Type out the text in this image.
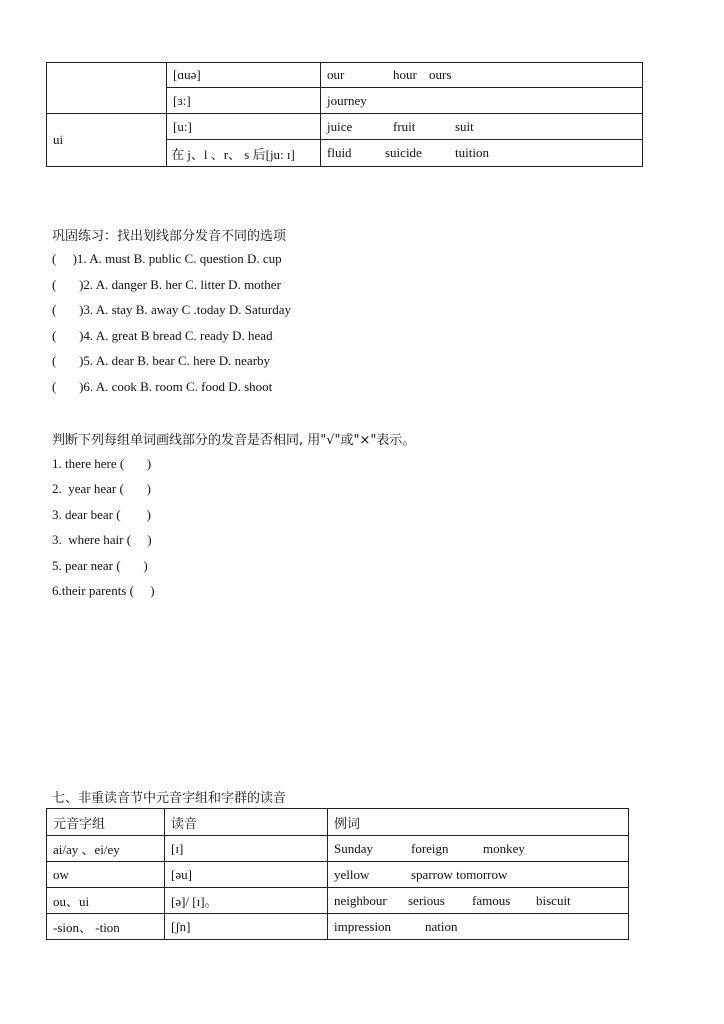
	[ɑuə]	our hour ours
	[ɜ:]	journey
ui	[u:]	juice fruit suit
	在 j、l 、r、 s 后[ju: ɪ]	fluid suicide tuition
巩固练习：找出划线部分发音不同的选项
(     )1. A. must B. public C. question D. cup
(       )2. A. danger B. her C. litter D. mother
(       )3. A. stay B. away C .today D. Saturday
(       )4. A. great B bread C. ready D. head
(       )5. A. dear B. bear C. here D. nearby
(       )6. A. cook B. room C. food D. shoot
判断下列每组单词画线部分的发音是否相同, 用"√"或"×"表示。
1. there here (       )
2.  year hear (       )
3. dear bear (        )
3.  where hair (     )
5. pear near (       )
6.their parents (     )
七、非重读音节中元音字组和字群的读音
元音字组	读音	例词
ai/ay 、ei/ey	[ɪ]	Sunday foreign monkey
ow	[əu]	yellow sparrow tomorrow
ou、ui	[ə]/ [ɪ]。	neighbour serious famous biscuit
-sion、 -tion	[ʃn]	impression nation
